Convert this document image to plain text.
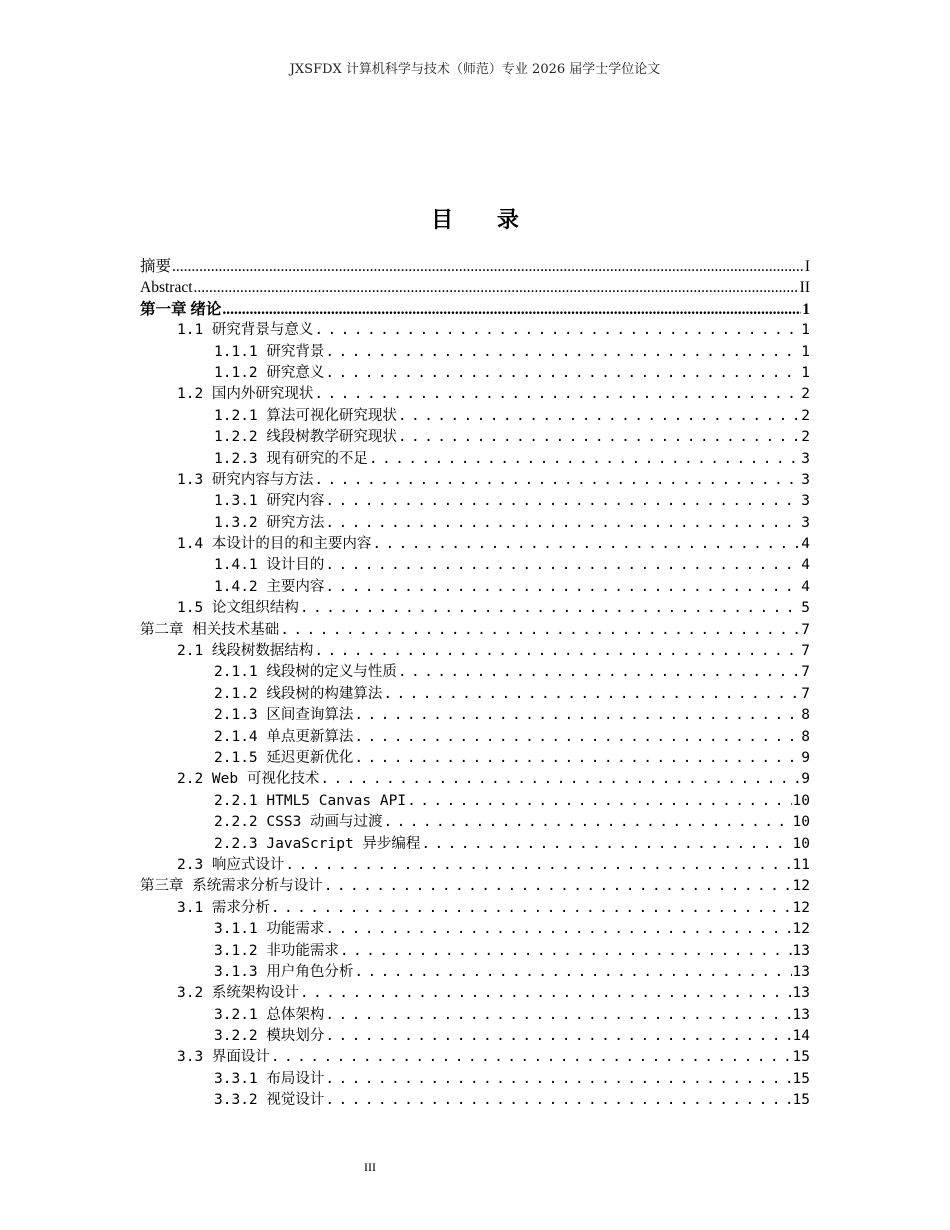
JXSFDX 计算机科学与技术（师范）专业 2026 届学士学位论文
目 录
摘要 .....	I
Abstract .....	II
第一章 绪论 .....	1
1.1 研究背景与意义 .....	1
1.1.1 研究背景 .....	1
1.1.2 研究意义 .....	1
1.2 国内外研究现状 .....	2
1.2.1 算法可视化研究现状 .....	2
1.2.2 线段树教学研究现状 .....	2
1.2.3 现有研究的不足 .....	3
1.3 研究内容与方法 .....	3
1.3.1 研究内容 .....	3
1.3.2 研究方法 .....	3
1.4 本设计的目的和主要内容 .....	4
1.4.1 设计目的 .....	4
1.4.2 主要内容 .....	4
1.5 论文组织结构 .....	5
第二章 相关技术基础 .....	7
2.1 线段树数据结构 .....	7
2.1.1 线段树的定义与性质 .....	7
2.1.2 线段树的构建算法 .....	7
2.1.3 区间查询算法 .....	8
2.1.4 单点更新算法 .....	8
2.1.5 延迟更新优化 .....	9
2.2 Web 可视化技术 .....	9
2.2.1 HTML5 Canvas API .....	10
2.2.2 CSS3 动画与过渡 .....	10
2.2.3 JavaScript 异步编程 .....	10
2.3 响应式设计 .....	11
第三章 系统需求分析与设计 .....	12
3.1 需求分析 .....	12
3.1.1 功能需求 .....	12
3.1.2 非功能需求 .....	13
3.1.3 用户角色分析 .....	13
3.2 系统架构设计 .....	13
3.2.1 总体架构 .....	13
3.2.2 模块划分 .....	14
3.3 界面设计 .....	15
3.3.1 布局设计 .....	15
3.3.2 视觉设计 .....	15
III
